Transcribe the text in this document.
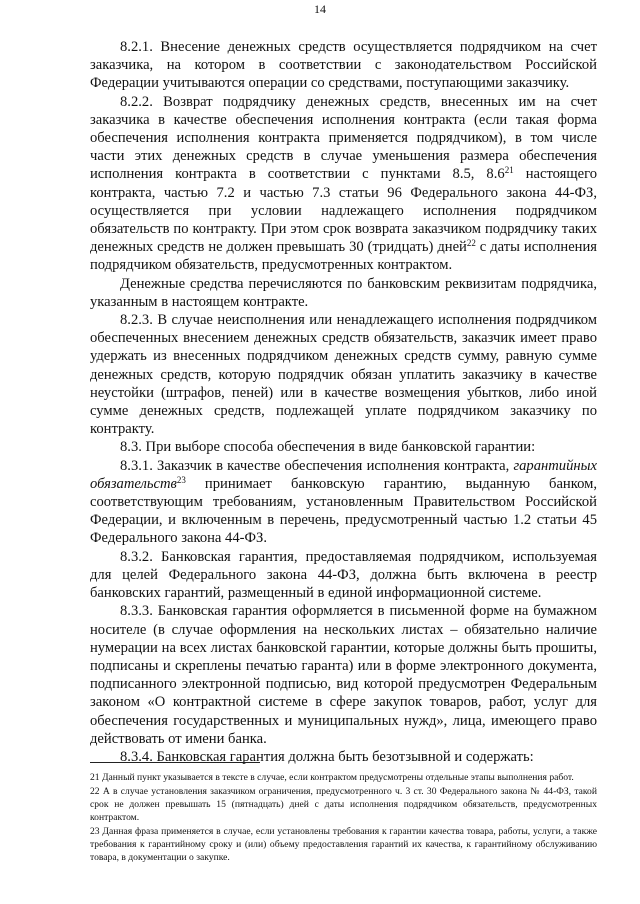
14

8.2.1. Внесение денежных средств осуществляется подрядчиком на счет заказчика, на котором в соответствии с законодательством Российской Федерации учитываются операции со средствами, поступающими заказчику.

8.2.2. Возврат подрядчику денежных средств, внесенных им на счет заказчика в качестве обеспечения исполнения контракта (если такая форма обеспечения исполнения контракта применяется подрядчиком), в том числе части этих денежных средств в случае уменьшения размера обеспечения исполнения контракта в соответствии с пунктами 8.5, $8.6^{21}$ настоящего контракта, частью 7.2 и частью 7.3 статьи 96 Федерального закона 44-ФЗ, осуществляется при условии надлежащего исполнения подрядчиком обязательств по контракту. При этом срок возврата заказчиком подрядчику таких денежных средств не должен превышать 30 (тридцать) дней$^{22}$ с даты исполнения подрядчиком обязательств, предусмотренных контрактом.

Денежные средства перечисляются по банковским реквизитам подрядчика, указанным в настоящем контракте.

8.2.3. В случае неисполнения или ненадлежащего исполнения подрядчиком обеспеченных внесением денежных средств обязательств, заказчик имеет право удержать из внесенных подрядчиком денежных средств сумму, равную сумме денежных средств, которую подрядчик обязан уплатить заказчику в качестве неустойки (штрафов, пеней) или в качестве возмещения убытков, либо иной сумме денежных средств, подлежащей уплате подрядчиком заказчику по контракту.

8.3. При выборе способа обеспечения в виде банковской гарантии:

8.3.1. Заказчик в качестве обеспечения исполнения контракта, гарантийных обязательств$^{23}$ принимает банковскую гарантию, выданную банком, соответствующим требованиям, установленным Правительством Российской Федерации, и включенным в перечень, предусмотренный частью 1.2 статьи 45 Федерального закона 44-ФЗ.

8.3.2. Банковская гарантия, предоставляемая подрядчиком, используемая для целей Федерального закона 44-ФЗ, должна быть включена в реестр банковских гарантий, размещенный в единой информационной системе.

8.3.3. Банковская гарантия оформляется в письменной форме на бумажном носителе (в случае оформления на нескольких листах – обязательно наличие нумерации на всех листах банковской гарантии, которые должны быть прошиты, подписаны и скреплены печатью гаранта) или в форме электронного документа, подписанного электронной подписью, вид которой предусмотрен Федеральным законом «О контрактной системе в сфере закупок товаров, работ, услуг для обеспечения государственных и муниципальных нужд», лица, имеющего право действовать от имени банка.

8.3.4. Банковская гарантия должна быть безотзывной и содержать:

21 Данный пункт указывается в тексте в случае, если контрактом предусмотрены отдельные этапы выполнения работ.

22 А в случае установления заказчиком ограничения, предусмотренного ч. 3 ст. 30 Федерального закона № 44-ФЗ, такой срок не должен превышать 15 (пятнадцать) дней с даты исполнения подрядчиком обязательств, предусмотренных контрактом.

23 Данная фраза применяется в случае, если установлены требования к гарантии качества товара, работы, услуги, а также требования к гарантийному сроку и (или) объему предоставления гарантий их качества, к гарантийному обслуживанию товара, в документации о закупке.
